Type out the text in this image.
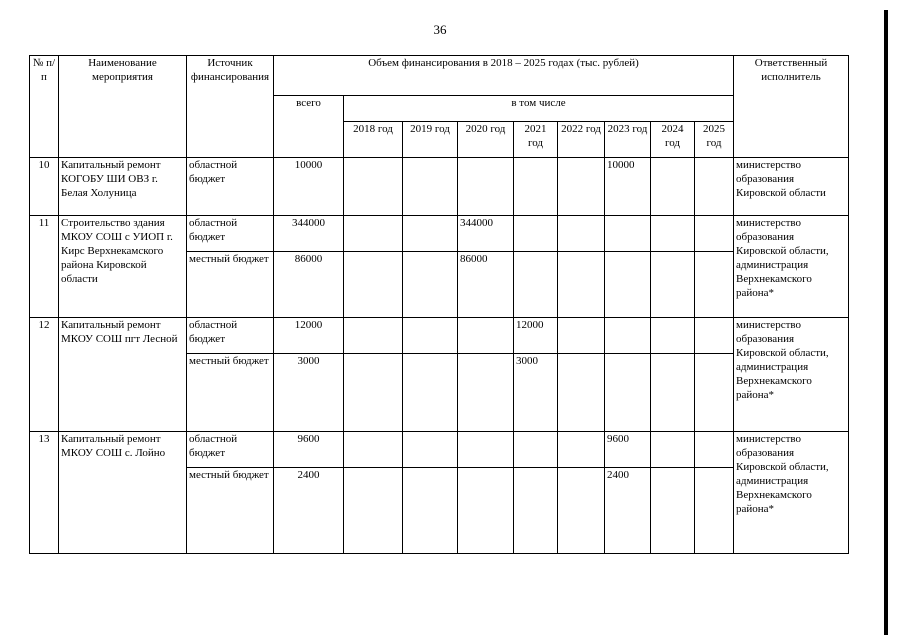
36
№ п/п	Наименование мероприятия	Источник финансирования	Объем финансирования в 2018 – 2025 годах (тыс. рублей)									Ответственный исполнитель
			всего	в том числе								
				2018 год	2019 год	2020 год	2021 год	2022 год	2023 год	2024 год	2025 год	
10	Капитальный ремонт КОГОБУ ШИ ОВЗ г. Белая Холуница	областной бюджет	10000						10000			министерство образования Кировской области
11	Строительство здания МКОУ СОШ с УИОП г. Кирс Верхнекамского района Кировской области	областной бюджет	344000			344000						министерство образования Кировской области, администрация Верхнекамского района*
		местный бюджет	86000			86000						
12	Капитальный ремонт МКОУ СОШ пгт Лесной	областной бюджет	12000				12000					министерство образования Кировской области, администрация Верхнекамского района*
		местный бюджет	3000				3000					
13	Капитальный ремонт МКОУ СОШ с. Лойно	областной бюджет	9600						9600			министерство образования Кировской области, администрация Верхнекамского района*
		местный бюджет	2400						2400			
